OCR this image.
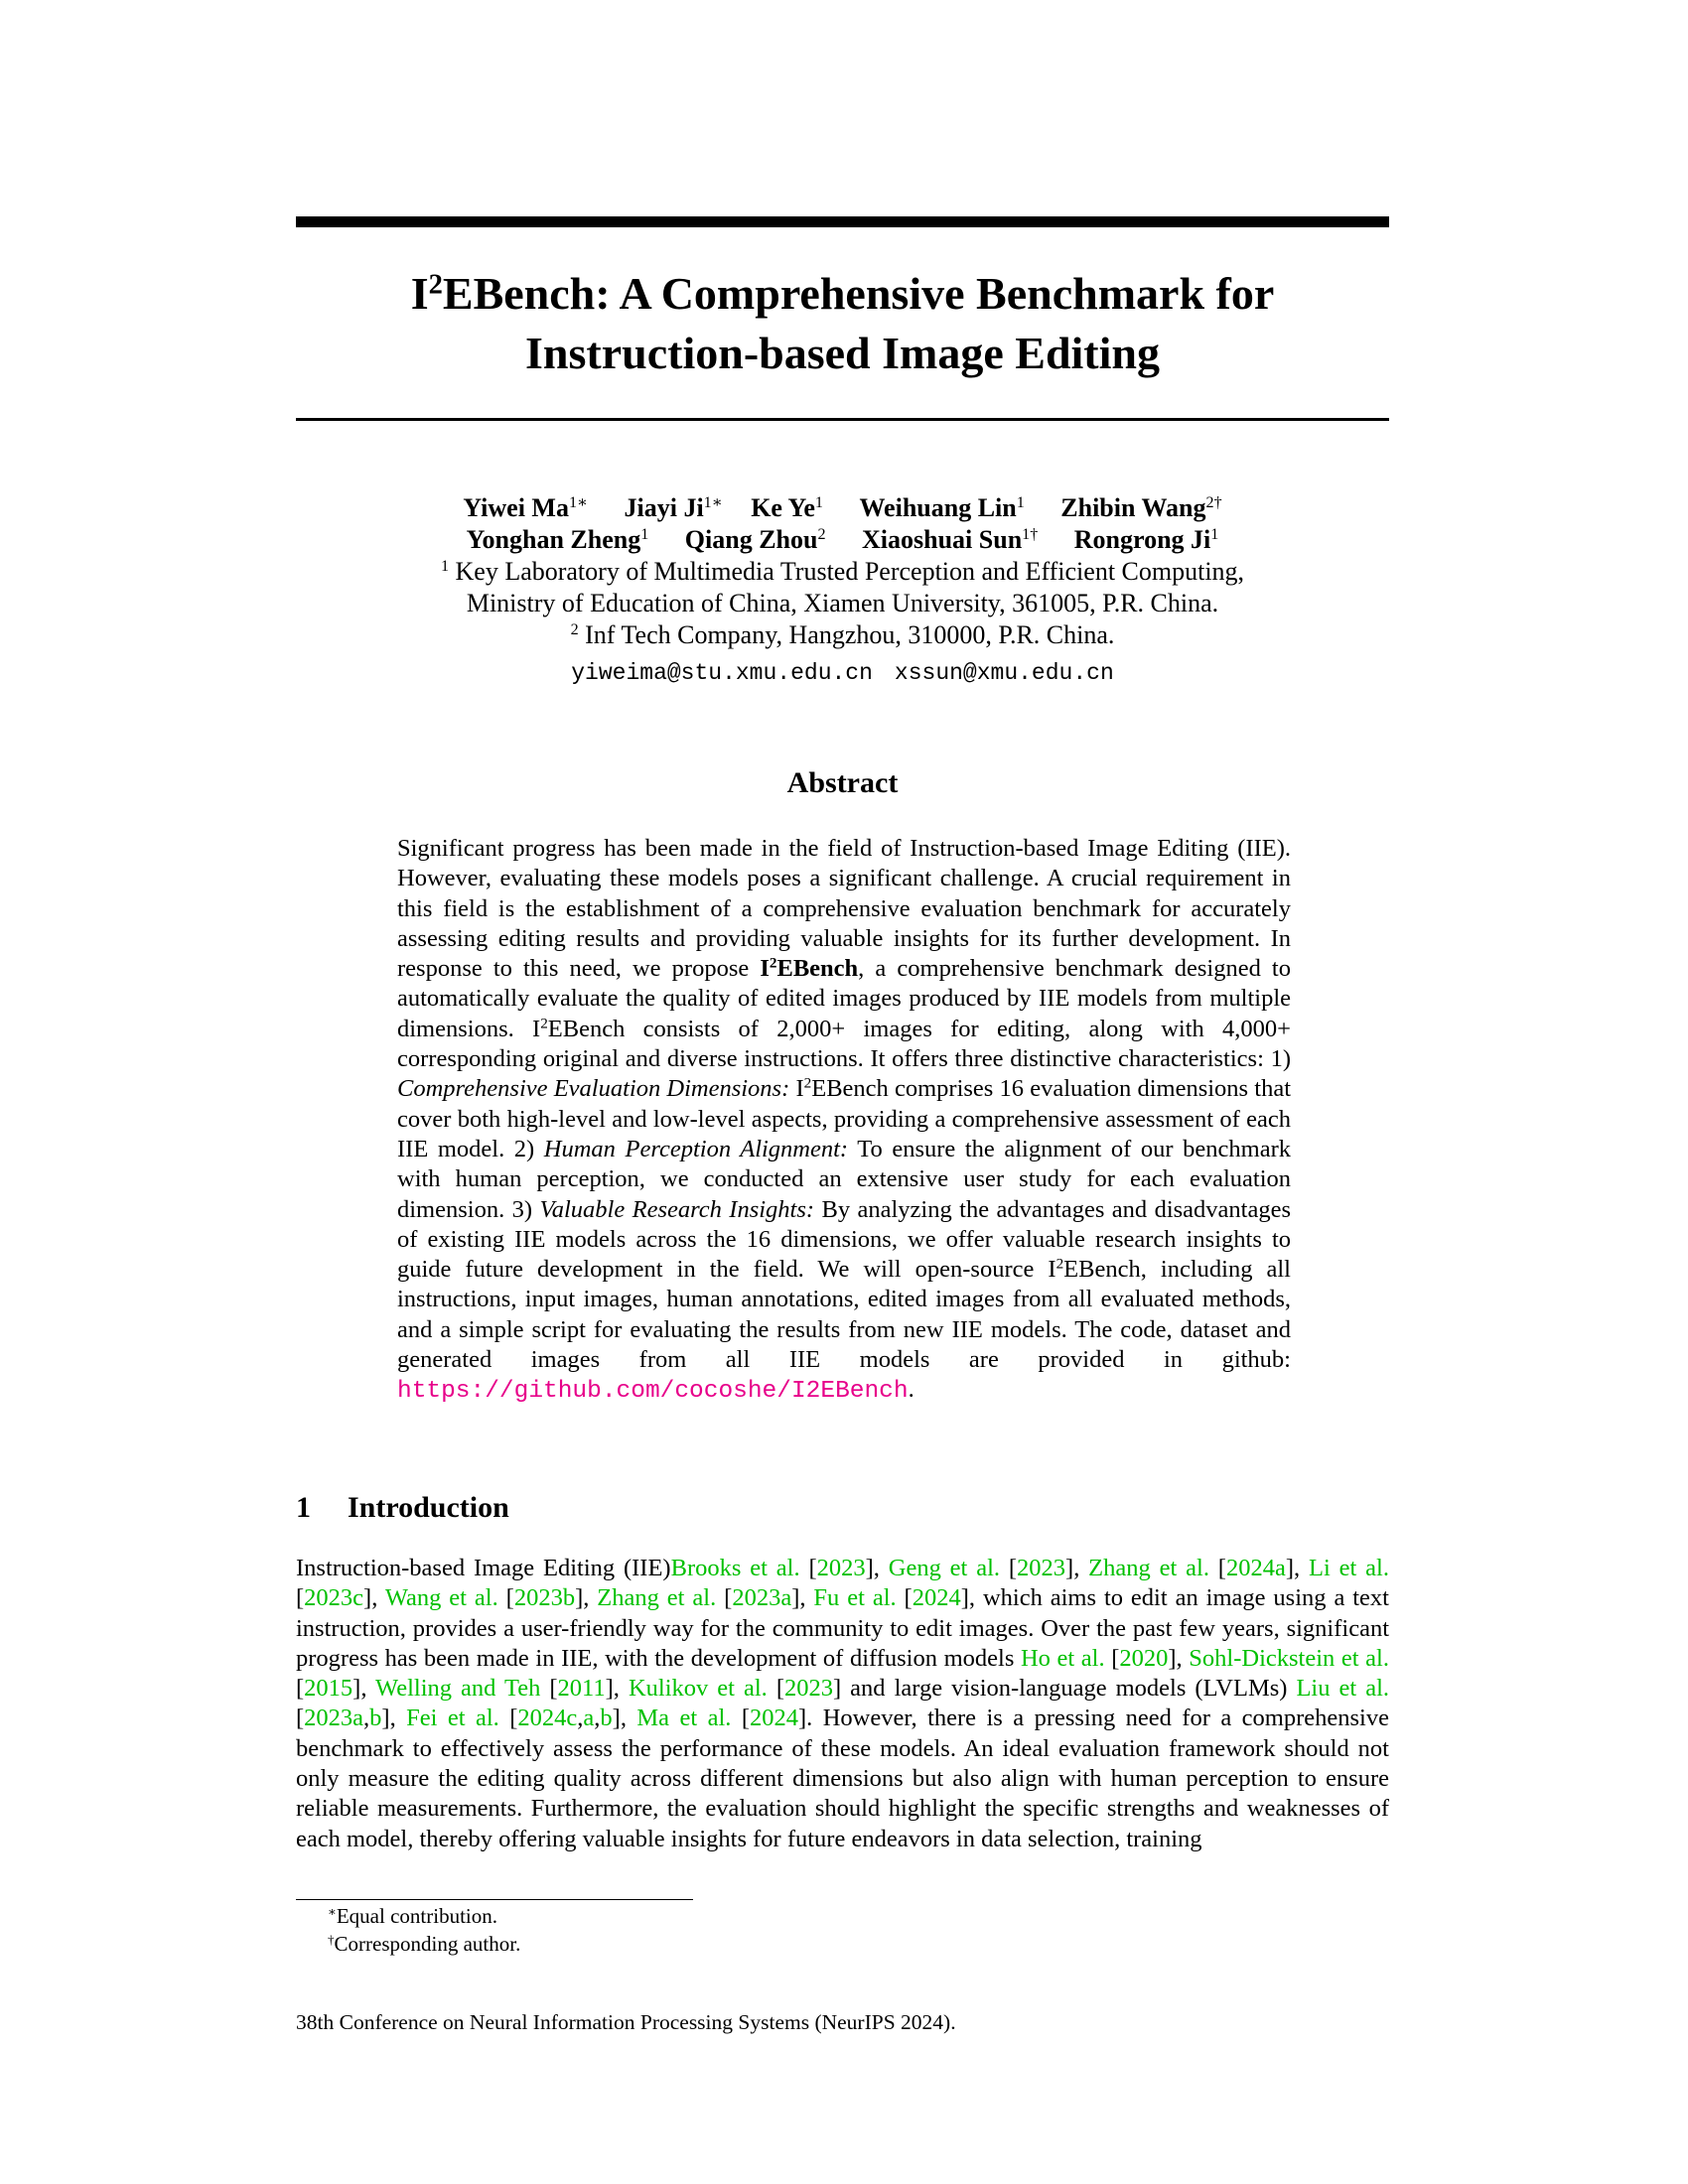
$I^2EBench$: A Comprehensive Benchmark for
Instruction-based Image Editing
Yiwei $Ma^{1∗}$ Jiayi $Ji^{1∗}$ Ke Ye$^1$ Weihuang Lin$^1$ Zhibin Wang$^{2\dagger}$
Yonghan Zheng$^1$ Qiang Zhou$^2$ Xiaoshuai Sun$^{1\dagger}$ Rongrong Ji$^1$
$^1$ Key Laboratory of Multimedia Trusted Perception and Efficient Computing,
Ministry of Education of China, Xiamen University, 361005, P.R. China.
$^2$ Inf Tech Company, Hangzhou, 310000, P.R. China.
yiweima@stu.xmu.edu.cn xssun@xmu.edu.cn
Abstract
Significant progress has been made in the field of Instruction-based Image Editing (IIE). However, evaluating these models poses a significant challenge. A crucial requirement in this field is the establishment of a comprehensive evaluation benchmark for accurately assessing editing results and providing valuable insights for its further development. In response to this need, we propose $I^2EBench$, a comprehensive benchmark designed to automatically evaluate the quality of edited images produced by IIE models from multiple dimensions. $I^2EBench$ consists of 2,000+ images for editing, along with 4,000+ corresponding original and diverse instructions. It offers three distinctive characteristics: 1) Comprehensive Evaluation Dimensions: $I^2EBench$ comprises 16 evaluation dimensions that cover both high-level and low-level aspects, providing a comprehensive assessment of each IIE model. 2) Human Perception Alignment: To ensure the alignment of our benchmark with human perception, we conducted an extensive user study for each evaluation dimension. 3) Valuable Research Insights: By analyzing the advantages and disadvantages of existing IIE models across the 16 dimensions, we offer valuable research insights to guide future development in the field. We will open-source $I^2EBench$, including all instructions, input images, human annotations, edited images from all evaluated methods, and a simple script for evaluating the results from new IIE models. The code, dataset and generated images from all IIE models are provided in github: https://github.com/cocoshe/I2EBench.
1 Introduction
Instruction-based Image Editing (IIE)Brooks et al. [2023], Geng et al. [2023], Zhang et al. [2024a], Li et al. [2023c], Wang et al. [2023b], Zhang et al. [2023a], Fu et al. [2024], which aims to edit an image using a text instruction, provides a user-friendly way for the community to edit images. Over the past few years, significant progress has been made in IIE, with the development of diffusion models Ho et al. [2020], Sohl-Dickstein et al. [2015], Welling and Teh [2011], Kulikov et al. [2023] and large vision-language models (LVLMs) Liu et al. [2023a,b], Fei et al. [2024c,a,b], Ma et al. [2024]. However, there is a pressing need for a comprehensive benchmark to effectively assess the performance of these models. An ideal evaluation framework should not only measure the editing quality across different dimensions but also align with human perception to ensure reliable measurements. Furthermore, the evaluation should highlight the specific strengths and weaknesses of each model, thereby offering valuable insights for future endeavors in data selection, training
∗Equal contribution.
†Corresponding author.
38th Conference on Neural Information Processing Systems (NeurIPS 2024).
